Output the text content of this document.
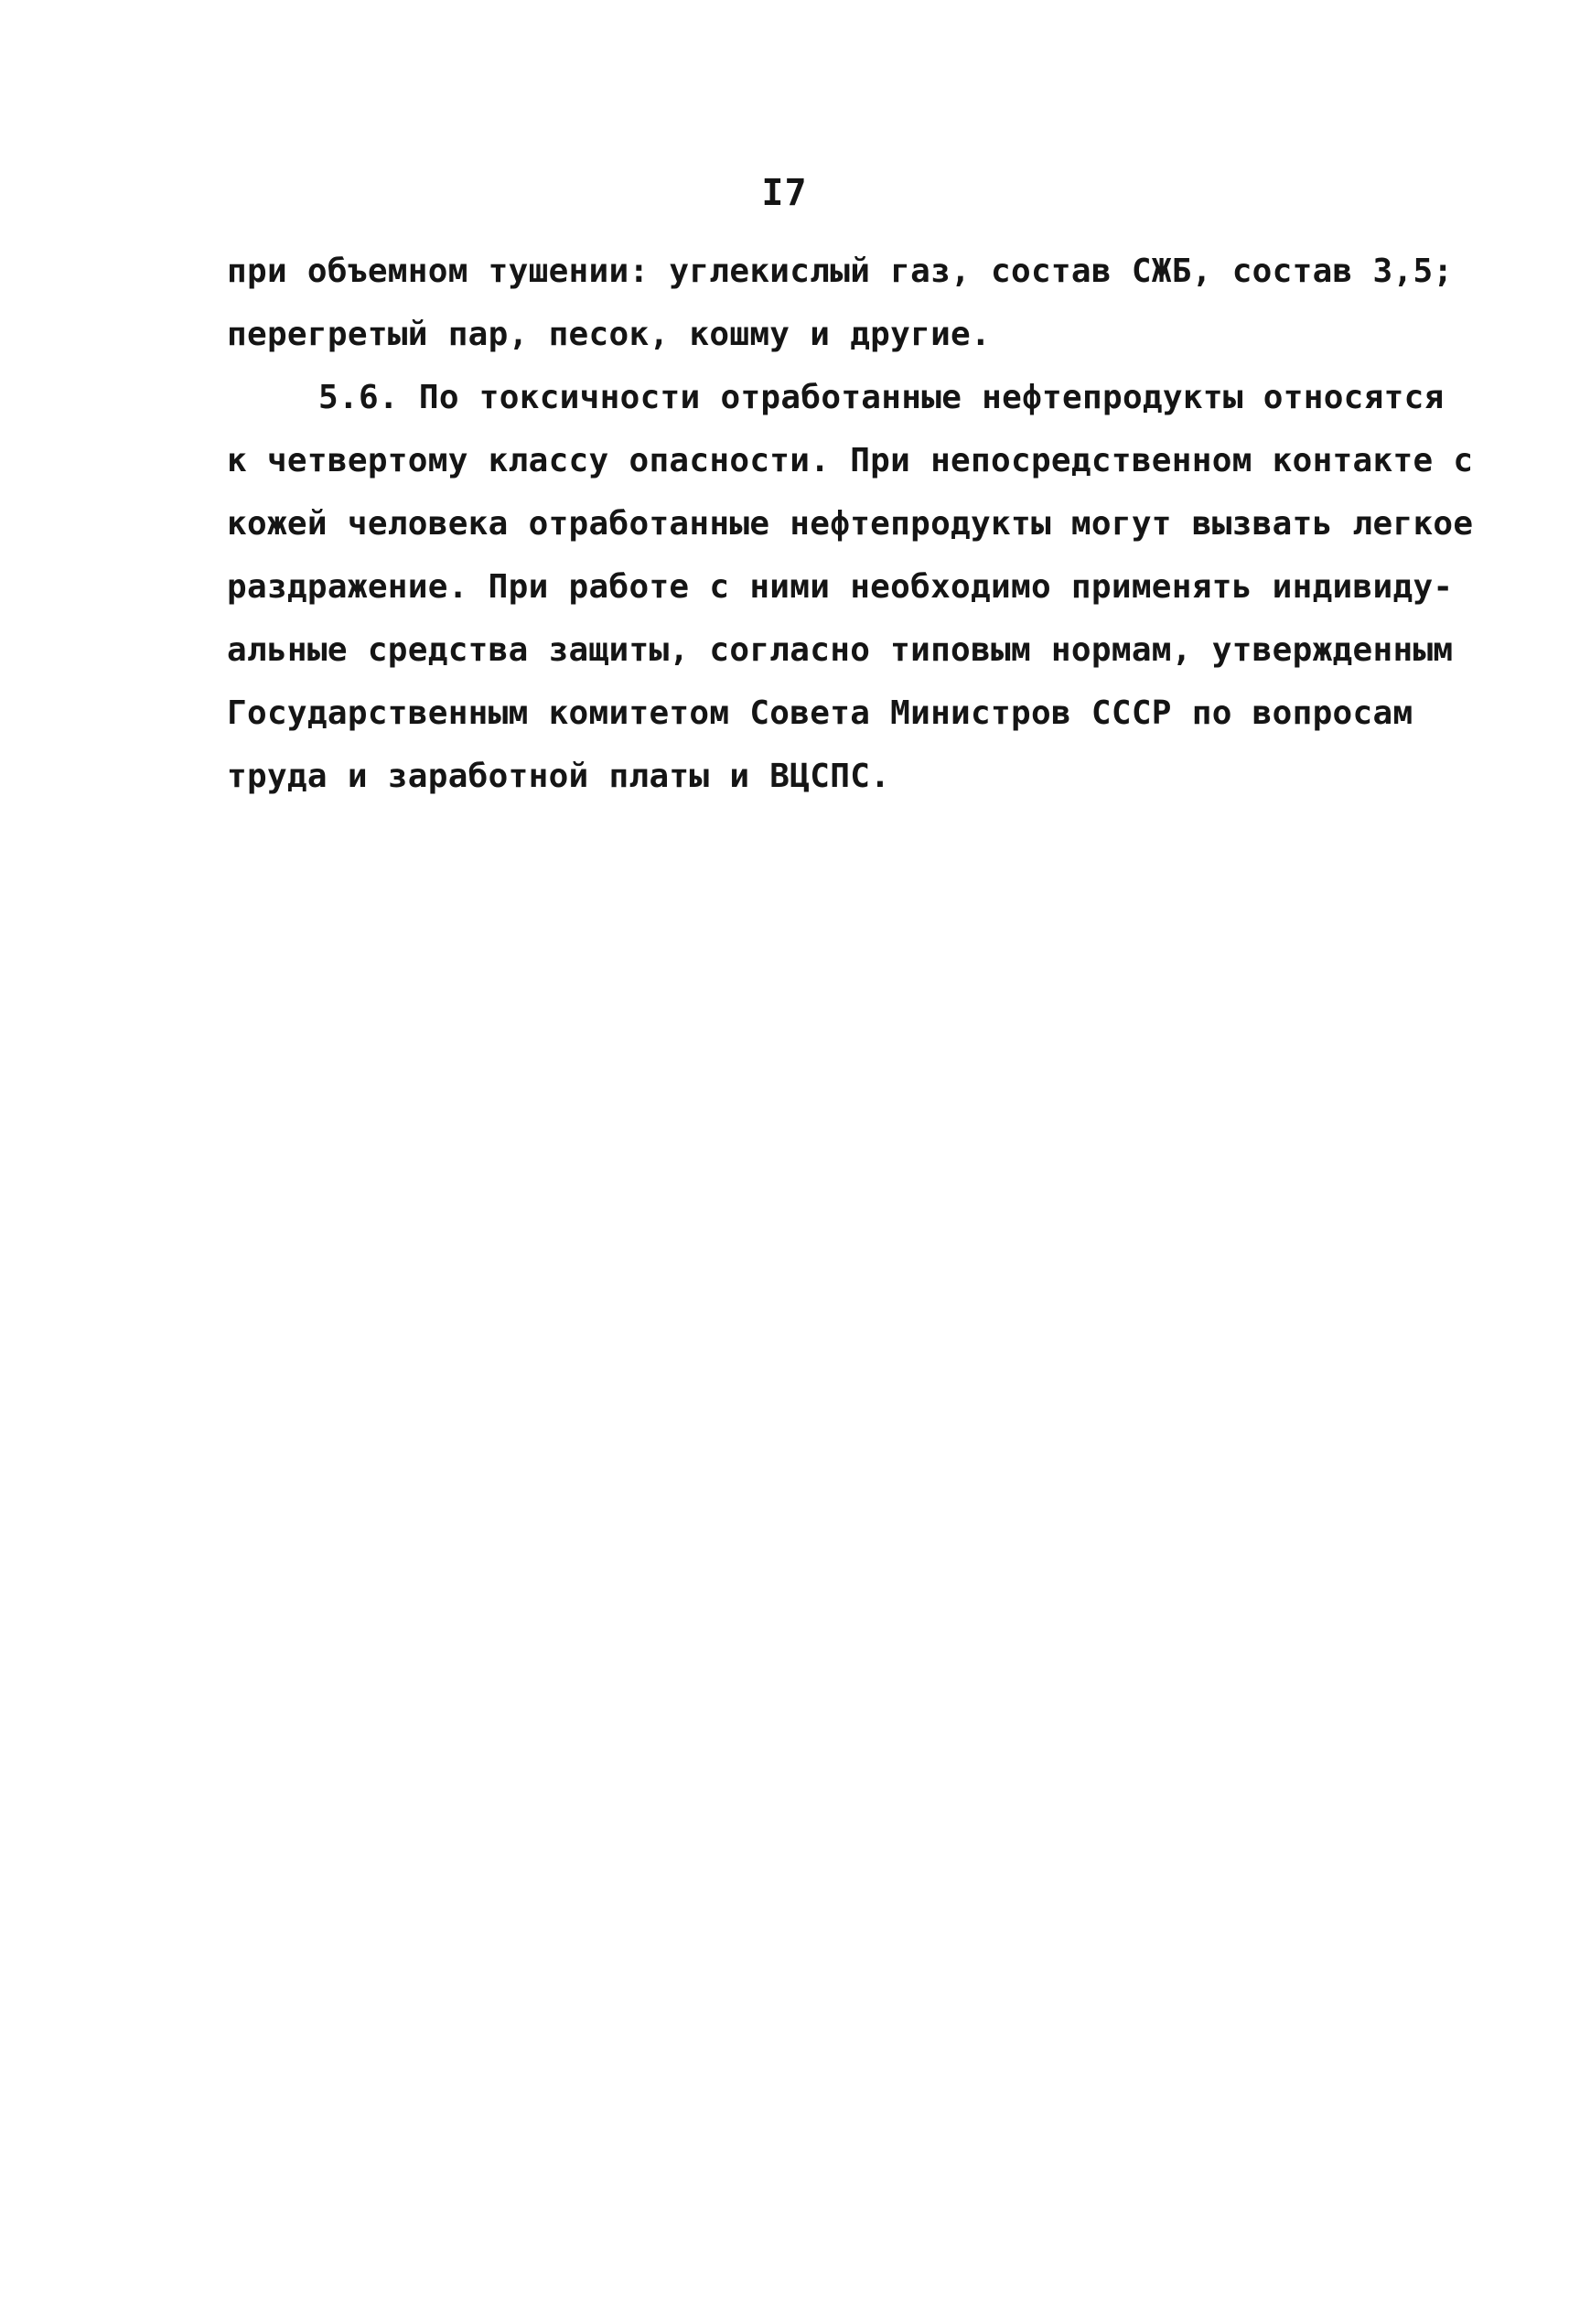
I7
при объемном тушении: углекислый газ, состав СЖБ, состав 3,5;
перегретый пар, песок, кошму и другие.
5.6. По токсичности отработанные нефтепродукты относятся
к четвертому классу опасности. При непосредственном контакте с
кожей человека отработанные нефтепродукты могут вызвать легкое
раздражение. При работе с ними необходимо применять индивиду-
альные средства защиты, согласно типовым нормам, утвержденным
Государственным комитетом Совета Министров СССР по вопросам
труда и заработной платы и ВЦСПС.
